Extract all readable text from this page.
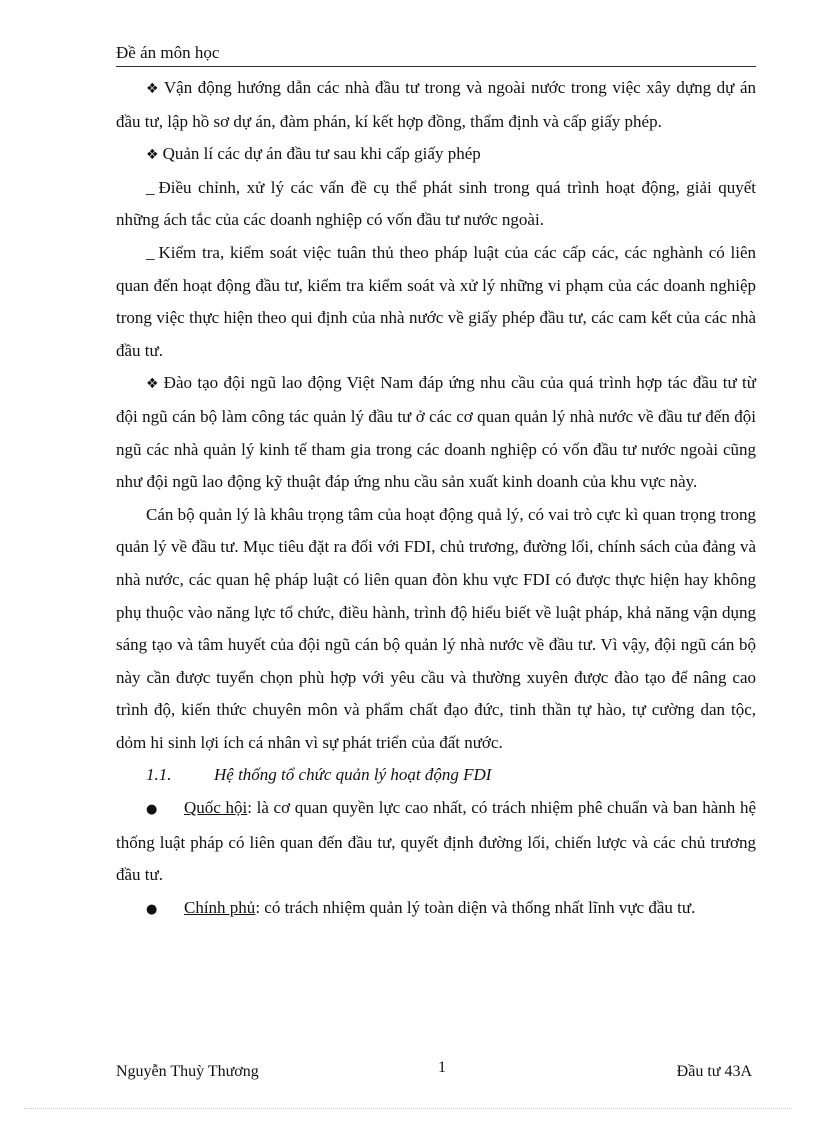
Đề án môn học

❖ Vận động hướng dẫn các nhà đầu tư trong và ngoài nước trong việc xây dựng dự án đầu tư, lập hồ sơ dự án, đàm phán, kí kết hợp đồng, thẩm định và cấp giấy phép.

❖ Quản lí các dự án đầu tư sau khi cấp giấy phép

_ Điều chỉnh, xử lý các vấn đề cụ thể phát sinh trong quá trình hoạt động, giải quyết những ách tắc của các doanh nghiệp có vốn đầu tư nước ngoài.

_ Kiểm tra, kiểm soát việc tuân thủ theo pháp luật của các cấp các, các nghành có liên quan đến hoạt động đầu tư, kiểm tra kiểm soát và xử lý những vi phạm của các doanh nghiệp trong việc thực hiện theo qui định của nhà nước về giấy phép đầu tư, các cam kết của các nhà đầu tư.

❖ Đào tạo đội ngũ lao động Việt Nam đáp ứng nhu cầu của quá trình hợp tác đầu tư từ đội ngũ cán bộ làm công tác quản lý đầu tư ở các cơ quan quản lý nhà nước về đầu tư đến đội ngũ các nhà quản lý kinh tế tham gia trong các doanh nghiệp có vốn đầu tư nước ngoài cũng như đội ngũ lao động kỹ thuật đáp ứng nhu cầu sản xuất kinh doanh của khu vực này.

Cán bộ quản lý là khâu trọng tâm của hoạt động quả lý, có vai trò cực kì quan trọng trong quản lý về đầu tư. Mục tiêu đặt ra đối với FDI, chủ trương, đường lối, chính sách của đảng và nhà nước, các quan hệ pháp luật có liên quan đòn khu vực FDI có được thực hiện hay không phụ thuộc vào năng lực tổ chức, điều hành, trình độ hiểu biết về luật pháp, khả năng vận dụng sáng tạo và tâm huyết của đội ngũ cán bộ quản lý nhà nước về đầu tư. Vì vậy, đội ngũ cán bộ này cần được tuyển chọn phù hợp với yêu cầu và thường xuyên được đào tạo để nâng cao trình độ, kiến thức chuyên môn và phẩm chất đạo đức, tinh thần tự hào, tự cường dan tộc, dỏm hi sinh lợi ích cá nhân vì sự phát triển của đất nước.

1.1.	Hệ thống tổ chức quản lý hoạt động FDI

● Quốc hội: là cơ quan quyền lực cao nhất, có trách nhiệm phê chuẩn và ban hành hệ thống luật pháp có liên quan đến đầu tư, quyết định đường lối, chiến lược và các chủ trương đầu tư.

● Chính phủ: có trách nhiệm quản lý toàn diện và thống nhất lĩnh vực đầu tư.

Nguyễn Thuỳ Thương	1	Đầu tư 43A
